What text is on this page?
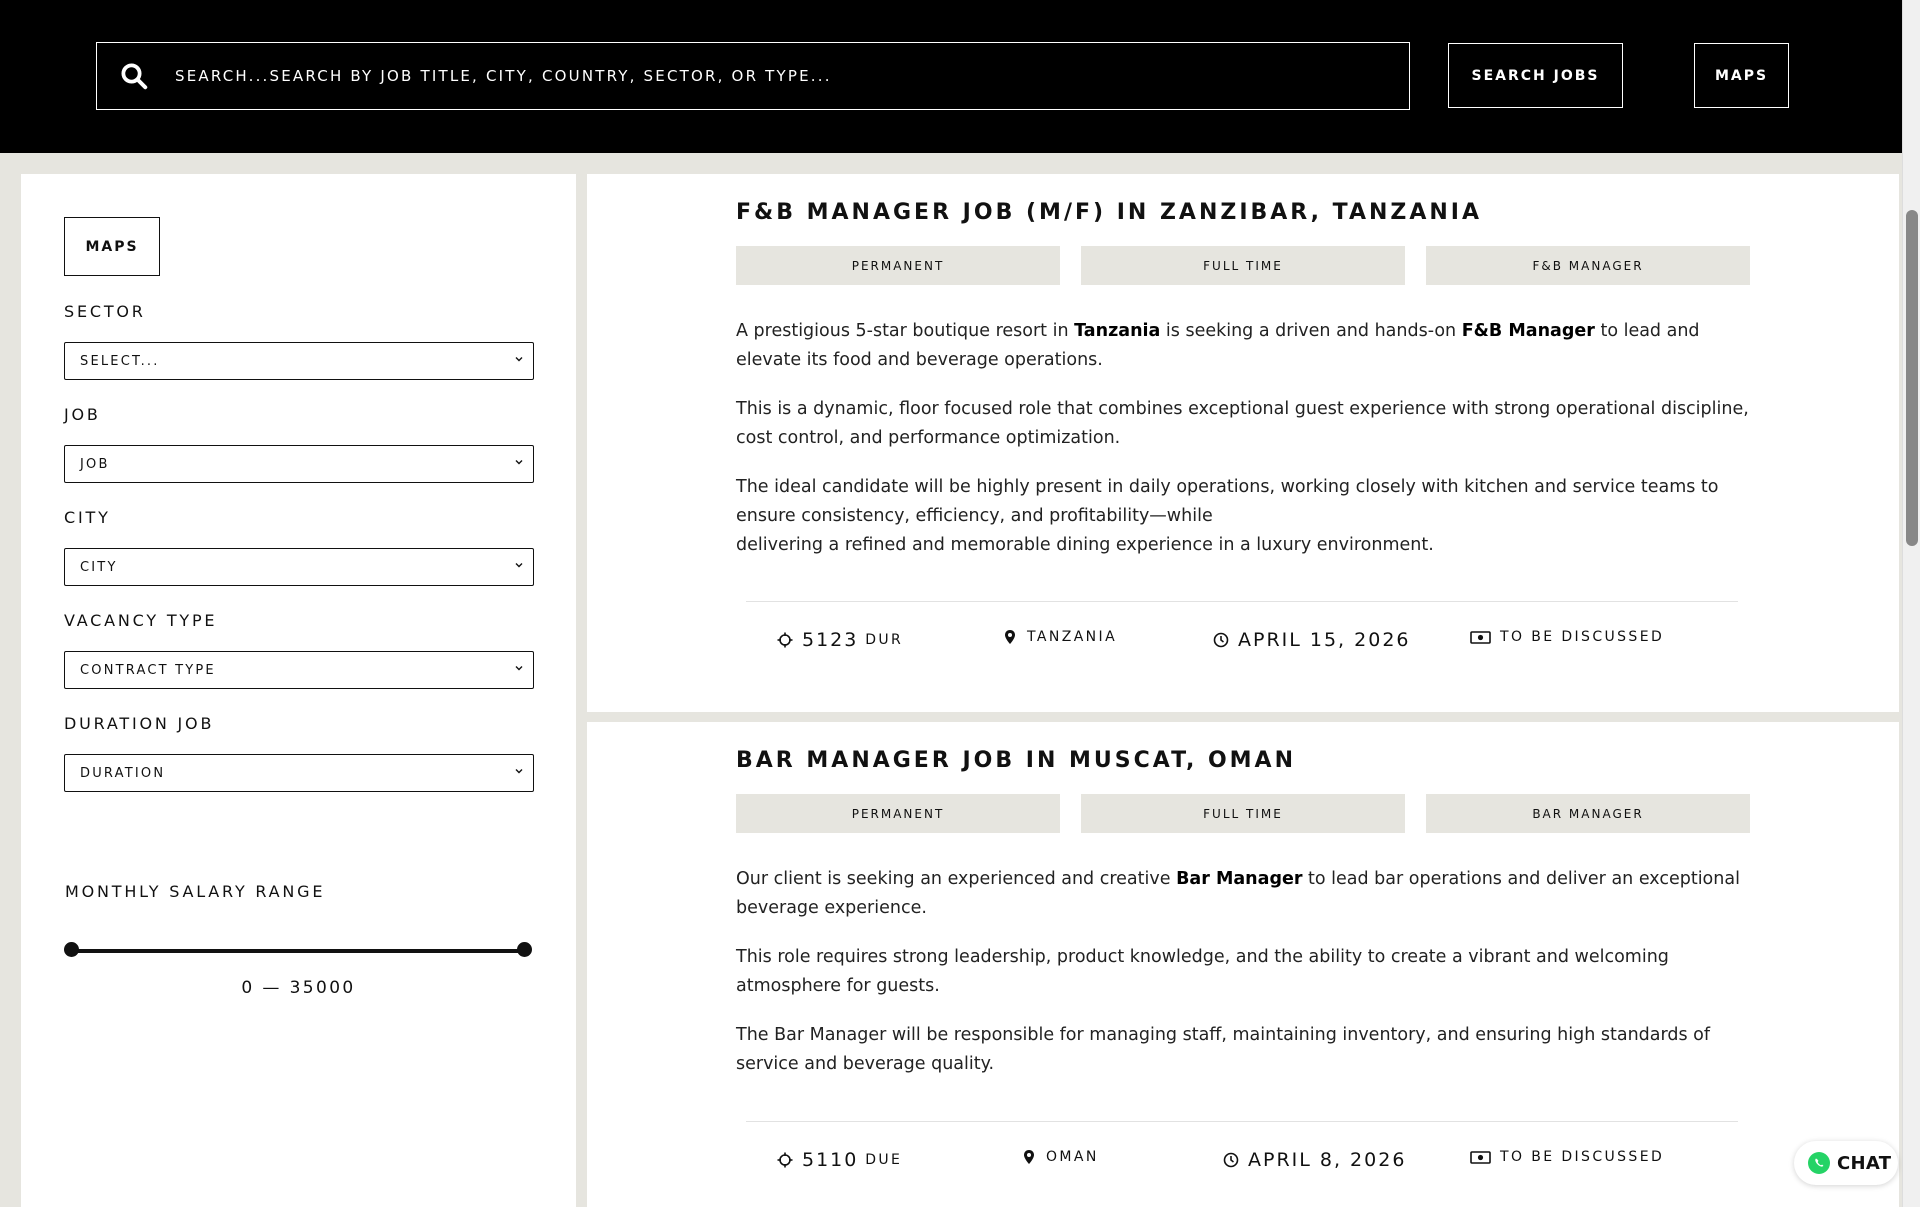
Search...Search by job title, city, country, sector, or type...
SEARCH JOBS	MAPS
MAPS
SECTOR
SELECT...
JOB
JOB
CITY
CITY
VACANCY TYPE
CONTRACT TYPE
DURATION JOB
DURATION
MONTHLY SALARY RANGE
0 — 35000
F&B MANAGER JOB (M/F) IN ZANZIBAR, TANZANIA
PERMANENT	FULL TIME	F&B MANAGER
A prestigious 5-star boutique resort in Tanzania is seeking a driven and hands-on F&B Manager to lead and elevate its food and beverage operations.
This is a dynamic, floor focused role that combines exceptional guest experience with strong operational discipline, cost control, and performance optimization.
The ideal candidate will be highly present in daily operations, working closely with kitchen and service teams to ensure consistency, efficiency, and profitability—while
delivering a refined and memorable dining experience in a luxury environment.
5123
DUR	TANZANIA	APRIL 15, 2026	TO BE DISCUSSED
BAR MANAGER JOB IN MUSCAT, OMAN
PERMANENT	FULL TIME	BAR MANAGER
Our client is seeking an experienced and creative Bar Manager to lead bar operations and deliver an exceptional beverage experience.
This role requires strong leadership, product knowledge, and the ability to create a vibrant and welcoming atmosphere for guests.
The Bar Manager will be responsible for managing staff, maintaining inventory, and ensuring high standards of service and beverage quality.
5110
DUE	OMAN	APRIL 8, 2026	TO BE DISCUSSED	CHAT
